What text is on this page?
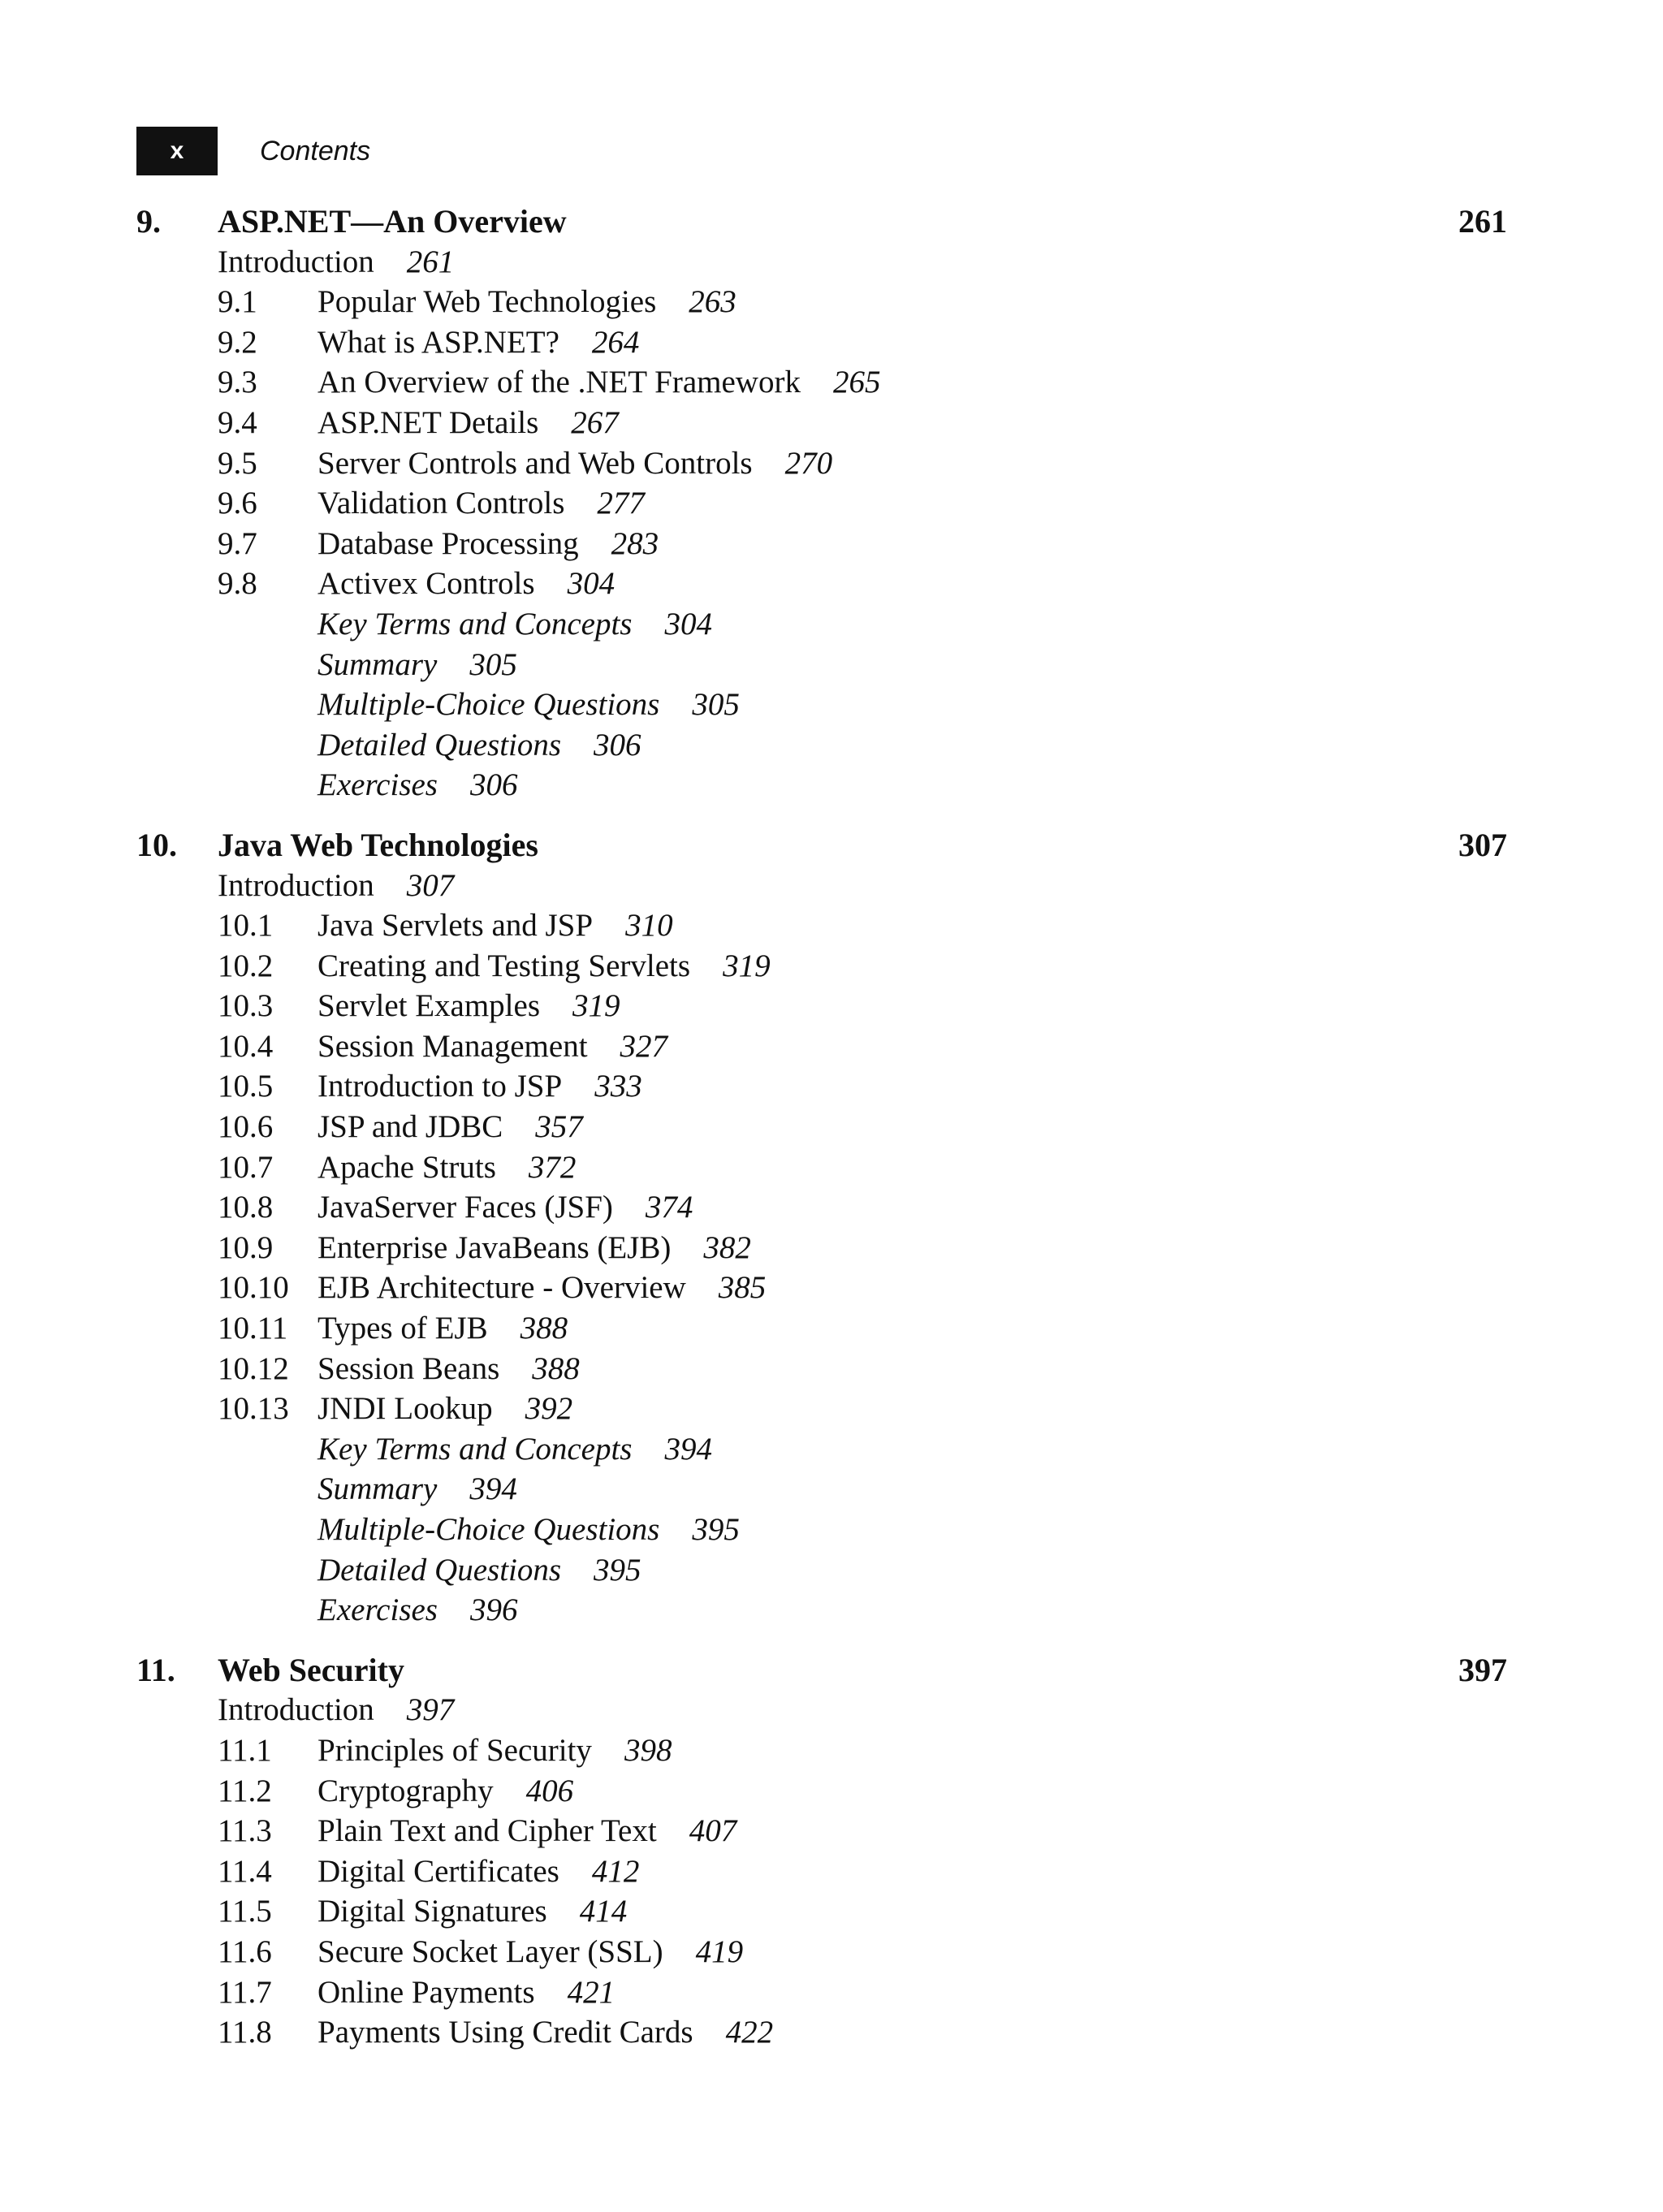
x	Contents
9. ASP.NET—An Overview	261
Introduction 261
9.1 Popular Web Technologies 263
9.2 What is ASP.NET? 264
9.3 An Overview of the .NET Framework 265
9.4 ASP.NET Details 267
9.5 Server Controls and Web Controls 270
9.6 Validation Controls 277
9.7 Database Processing 283
9.8 Activex Controls 304
Key Terms and Concepts 304
Summary 305
Multiple-Choice Questions 305
Detailed Questions 306
Exercises 306
10. Java Web Technologies	307
Introduction 307
10.1 Java Servlets and JSP 310
10.2 Creating and Testing Servlets 319
10.3 Servlet Examples 319
10.4 Session Management 327
10.5 Introduction to JSP 333
10.6 JSP and JDBC 357
10.7 Apache Struts 372
10.8 JavaServer Faces (JSF) 374
10.9 Enterprise JavaBeans (EJB) 382
10.10 EJB Architecture - Overview 385
10.11 Types of EJB 388
10.12 Session Beans 388
10.13 JNDI Lookup 392
Key Terms and Concepts 394
Summary 394
Multiple-Choice Questions 395
Detailed Questions 395
Exercises 396
11. Web Security	397
Introduction 397
11.1 Principles of Security 398
11.2 Cryptography 406
11.3 Plain Text and Cipher Text 407
11.4 Digital Certificates 412
11.5 Digital Signatures 414
11.6 Secure Socket Layer (SSL) 419
11.7 Online Payments 421
11.8 Payments Using Credit Cards 422
